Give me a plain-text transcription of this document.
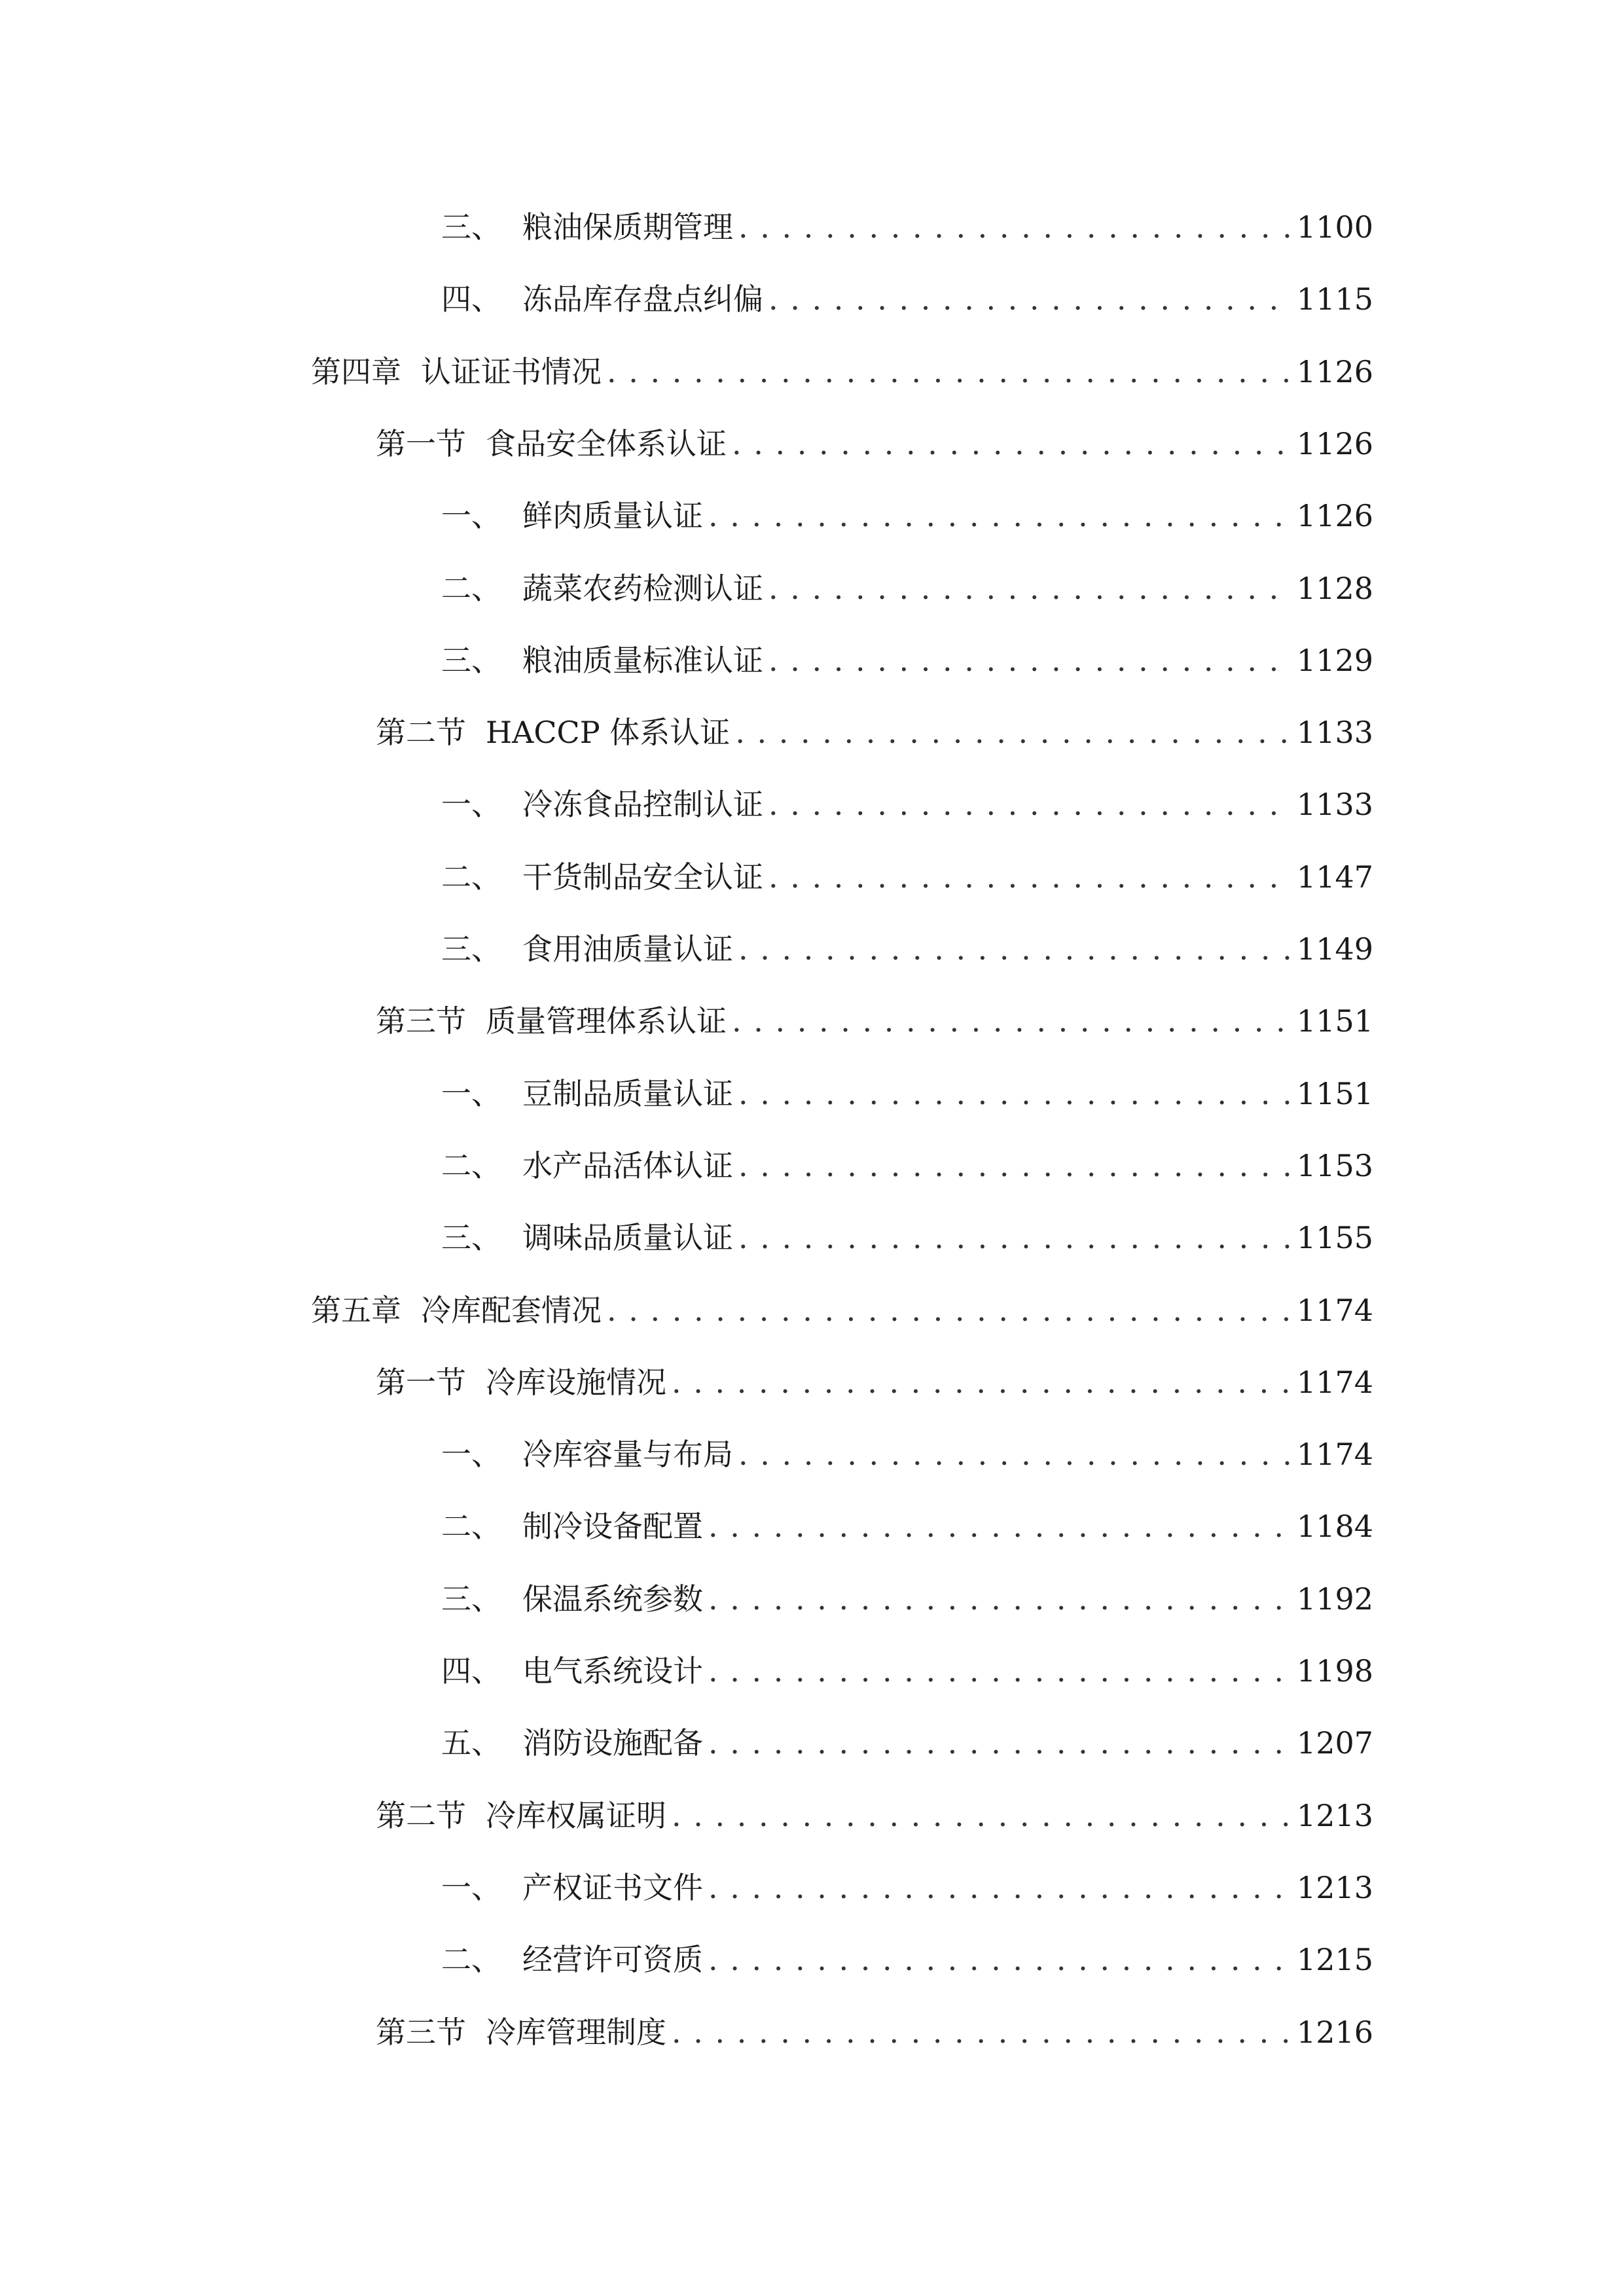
三、 粮油保质期管理 . . .	1100
四、 冻品库存盘点纠偏 . . .	1115
第四章 认证证书情况 . . .	1126
第一节 食品安全体系认证 . . .	1126
一、 鲜肉质量认证 . . .	1126
二、 蔬菜农药检测认证 . . .	1128
三、 粮油质量标准认证 . . .	1129
第二节 HACCP 体系认证 . . .	1133
一、 冷冻食品控制认证 . . .	1133
二、 干货制品安全认证 . . .	1147
三、 食用油质量认证 . . .	1149
第三节 质量管理体系认证 . . .	1151
一、 豆制品质量认证 . . .	1151
二、 水产品活体认证 . . .	1153
三、 调味品质量认证 . . .	1155
第五章 冷库配套情况 . . .	1174
第一节 冷库设施情况 . . .	1174
一、 冷库容量与布局 . . .	1174
二、 制冷设备配置 . . .	1184
三、 保温系统参数 . . .	1192
四、 电气系统设计 . . .	1198
五、 消防设施配备 . . .	1207
第二节 冷库权属证明 . . .	1213
一、 产权证书文件 . . .	1213
二、 经营许可资质 . . .	1215
第三节 冷库管理制度 . . .	1216
